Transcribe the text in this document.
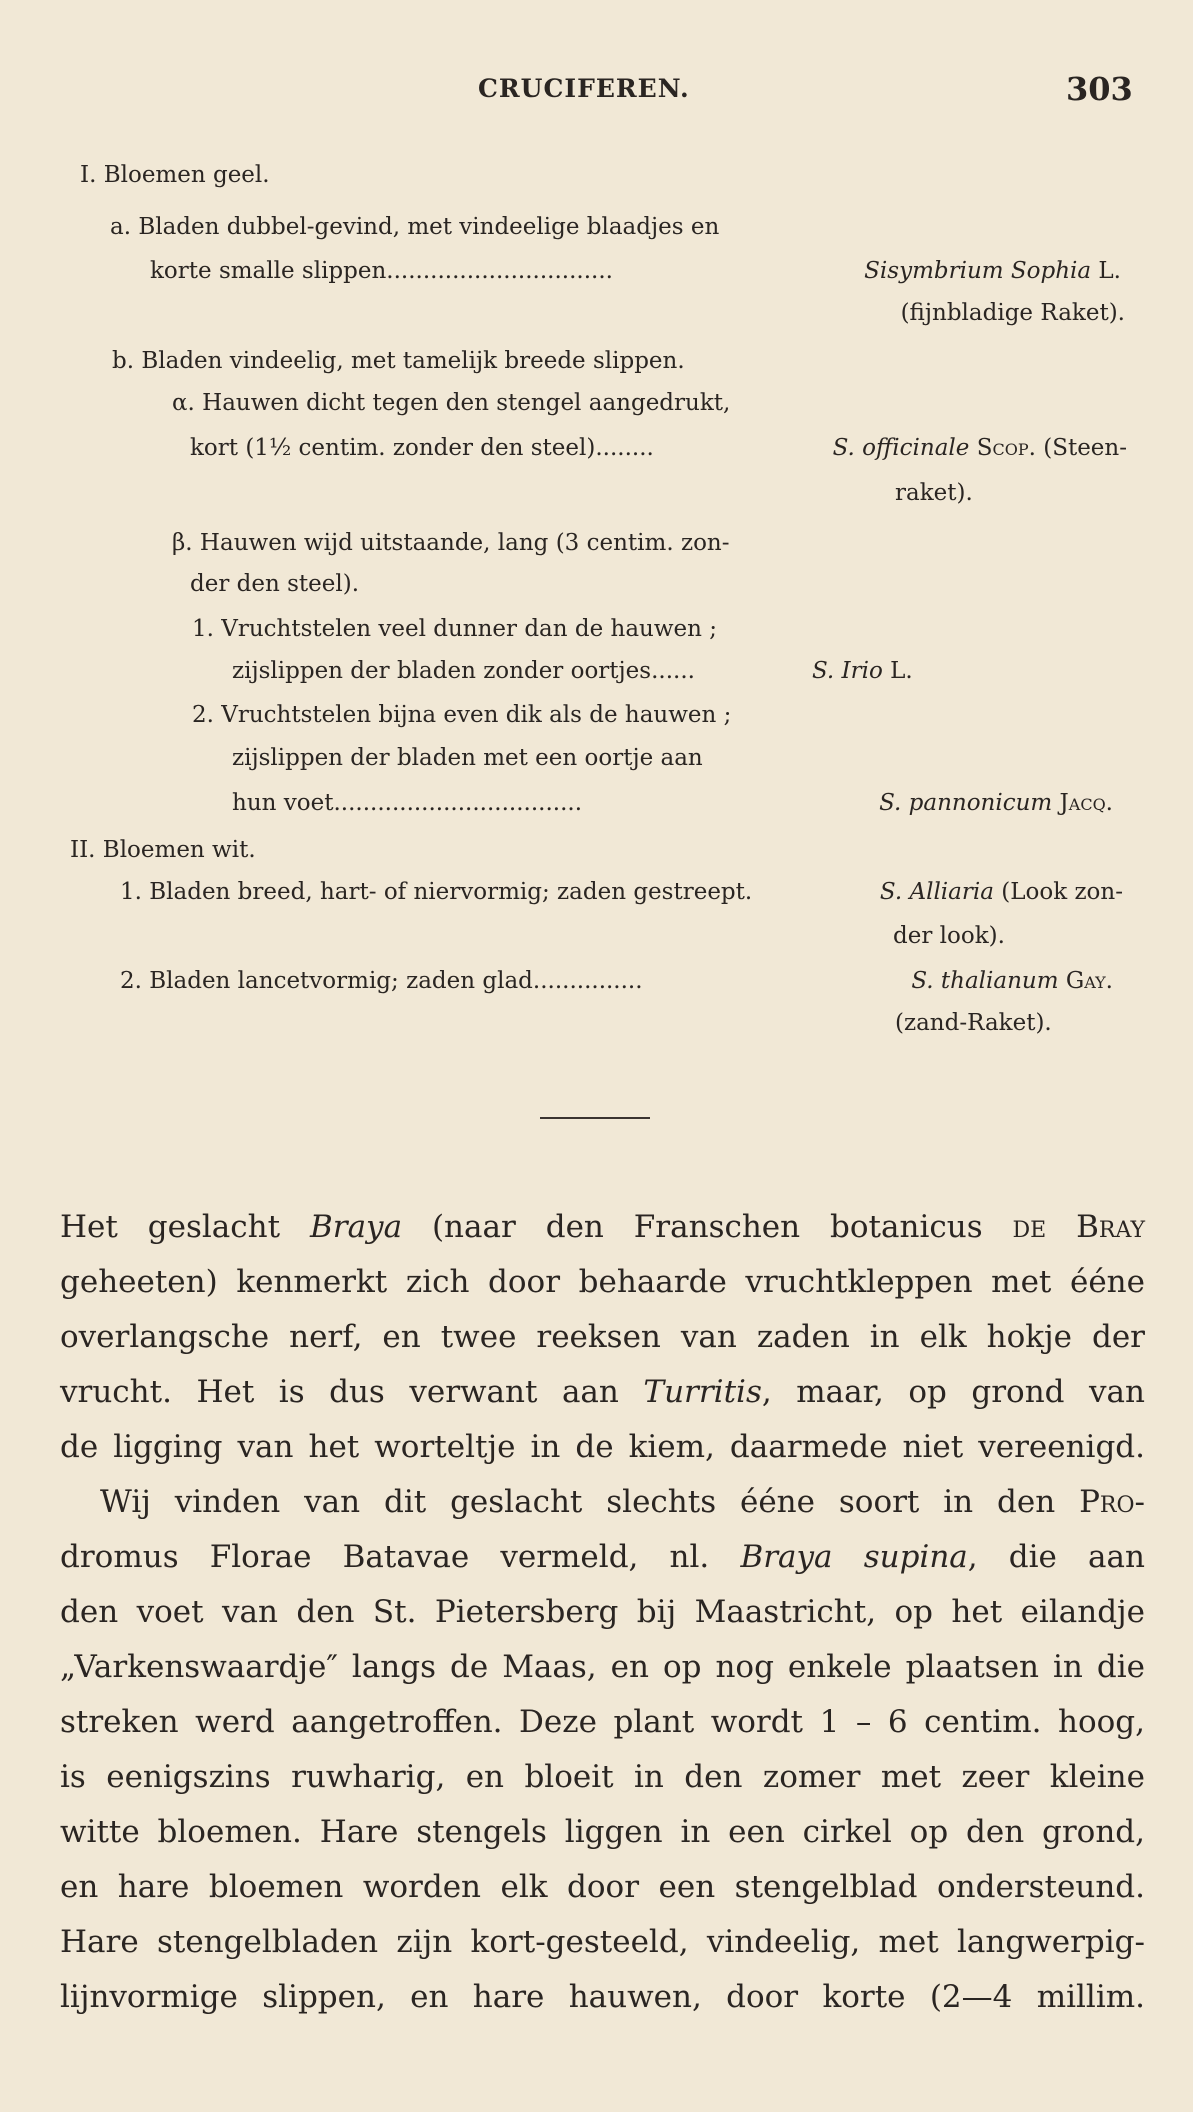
CRUCIFEREN.	303
I. Bloemen geel.
a. Bladen dubbel-gevind, met vindeelige blaadjes en
korte smalle slippen...............................	Sisymbrium Sophia L.
(fijnbladige Raket).
b. Bladen vindeelig, met tamelijk breede slippen.
α. Hauwen dicht tegen den stengel aangedrukt,
kort (1½ centim. zonder den steel)........	S. officinale Scop. (Steen-
raket).
β. Hauwen wijd uitstaande, lang (3 centim. zon-
der den steel).
1. Vruchtstelen veel dunner dan de hauwen ;
zijslippen der bladen zonder oortjes......	S. Irio L.
2. Vruchtstelen bijna even dik als de hauwen ;
zijslippen der bladen met een oortje aan
hun voet..................................	S. pannonicum Jacq.
II. Bloemen wit.
1. Bladen breed, hart- of niervormig; zaden gestreept.	S. Alliaria (Look zon-
der look).
2. Bladen lancetvormig; zaden glad...............	S. thalianum Gay.
(zand-Raket).
Het geslacht Braya (naar den Franschen botanicus de Bray
geheeten) kenmerkt zich door behaarde vruchtkleppen met ééne
overlangsche nerf, en twee reeksen van zaden in elk hokje der
vrucht. Het is dus verwant aan Turritis, maar, op grond van
de ligging van het worteltje in de kiem, daarmede niet vereenigd.
Wij vinden van dit geslacht slechts ééne soort in den Pro-
dromus Florae Batavae vermeld, nl. Braya supina, die aan
den voet van den St. Pietersberg bij Maastricht, op het eilandje
„Varkenswaardje″ langs de Maas, en op nog enkele plaatsen in die
streken werd aangetroffen. Deze plant wordt 1 – 6 centim. hoog,
is eenigszins ruwharig, en bloeit in den zomer met zeer kleine
witte bloemen. Hare stengels liggen in een cirkel op den grond,
en hare bloemen worden elk door een stengelblad ondersteund.
Hare stengelbladen zijn kort-gesteeld, vindeelig, met langwerpig-
lijnvormige slippen, en hare hauwen, door korte (2—4 millim.
